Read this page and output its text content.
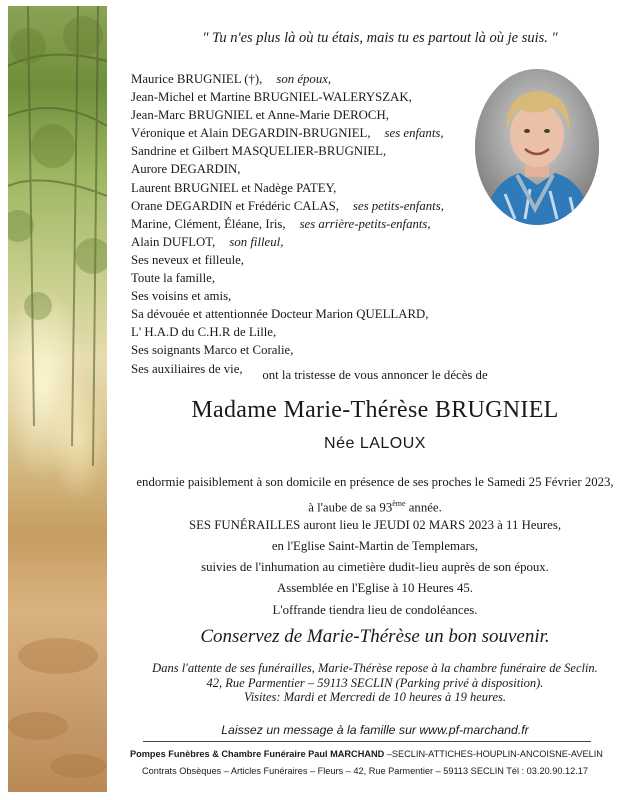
" Tu n'es plus là où tu étais, mais tu es partout là où je suis. "
Maurice BRUGNIEL (†), son époux,
Jean-Michel et Martine BRUGNIEL-WALERYSZAK,
Jean-Marc BRUGNIEL et Anne-Marie DEROCH,
Véronique et Alain DEGARDIN-BRUGNIEL, ses enfants,
Sandrine et Gilbert MASQUELIER-BRUGNIEL,
Aurore DEGARDIN,
Laurent BRUGNIEL et Nadège PATEY,
Orane DEGARDIN et Frédéric CALAS, ses petits-enfants,
Marine, Clément, Éléane, Iris, ses arrière-petits-enfants,
Alain DUFLOT, son filleul,
Ses neveux et filleule,
Toute la famille,
Ses voisins et amis,
Sa dévouée et attentionnée Docteur Marion QUELLARD,
L' H.A.D du C.H.R de Lille,
Ses soignants Marco et Coralie,
Ses auxiliaires de vie,	ont la tristesse de vous annoncer le décès de
Madame Marie-Thérèse BRUGNIEL
Née LALOUX
endormie paisiblement à son domicile en présence de ses proches le Samedi 25 Février 2023,
à l'aube de sa 93ème année.
SES FUNÉRAILLES auront lieu le JEUDI 02 MARS 2023 à 11 Heures,
en l'Eglise Saint-Martin de Templemars,
suivies de l'inhumation au cimetière dudit-lieu auprès de son époux.
Assemblée en l'Eglise à 10 Heures 45.
L'offrande tiendra lieu de condoléances.
Conservez de Marie-Thérèse un bon souvenir.
Dans l'attente de ses funérailles, Marie-Thérèse repose à la chambre funéraire de Seclin.
42, Rue Parmentier – 59113 SECLIN (Parking privé à disposition).
Visites: Mardi et Mercredi de 10 heures à 19 heures.
Laissez un message à la famille sur www.pf-marchand.fr
Pompes Funèbres & Chambre Funéraire Paul MARCHAND –SECLIN-ATTICHES-HOUPLIN-ANCOISNE-AVELIN
Contrats Obsèques – Articles Funéraires – Fleurs – 42, Rue Parmentier – 59113 SECLIN Tél : 03.20.90.12.17
